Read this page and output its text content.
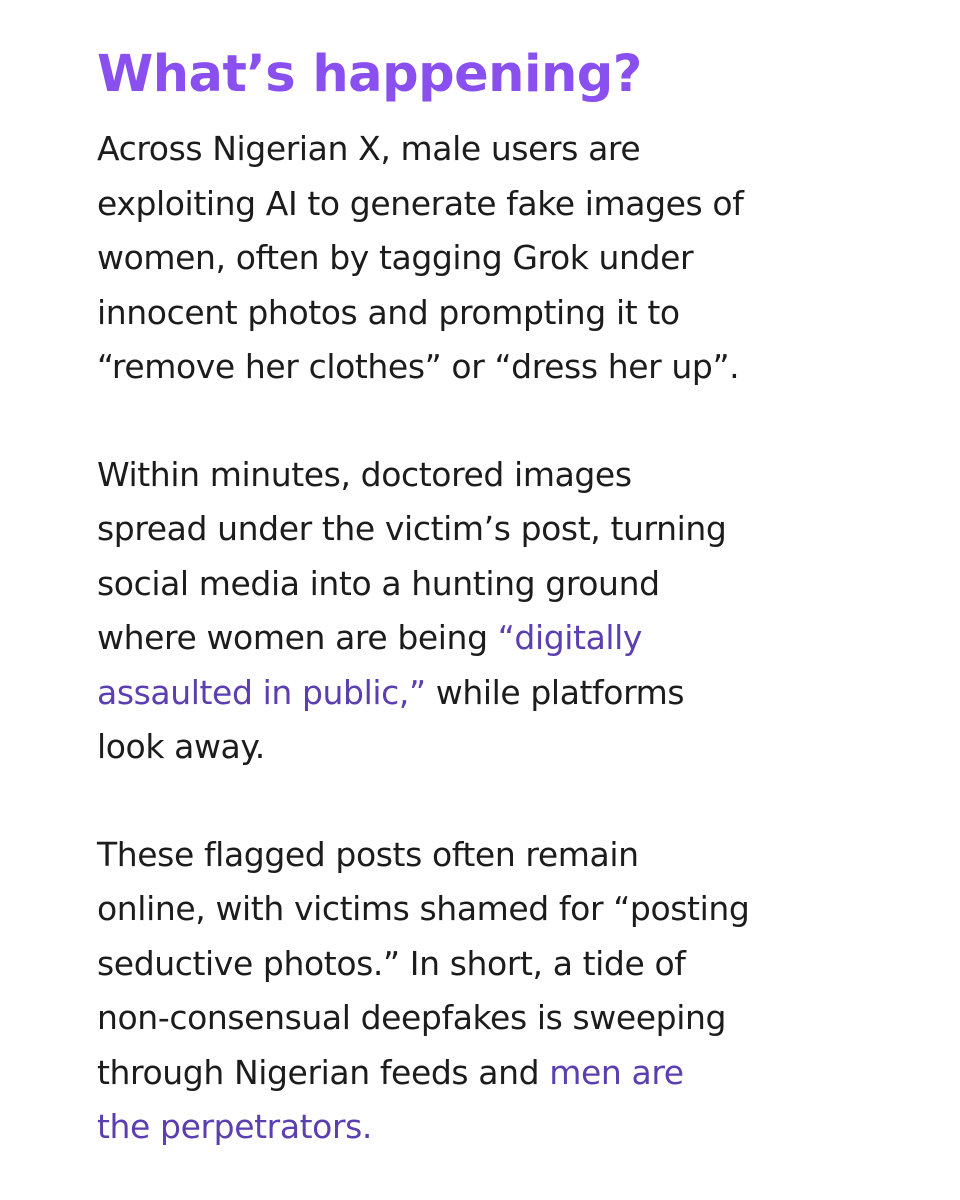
What’s happening?

Across Nigerian X, male users are
exploiting AI to generate fake images of
women, often by tagging Grok under
innocent photos and prompting it to
“remove her clothes” or “dress her up”.

Within minutes, doctored images
spread under the victim’s post, turning
social media into a hunting ground
where women are being “digitally
assaulted in public,” while platforms
look away.

These flagged posts often remain
online, with victims shamed for “posting
seductive photos.” In short, a tide of
non-consensual deepfakes is sweeping
through Nigerian feeds and men are
the perpetrators.
